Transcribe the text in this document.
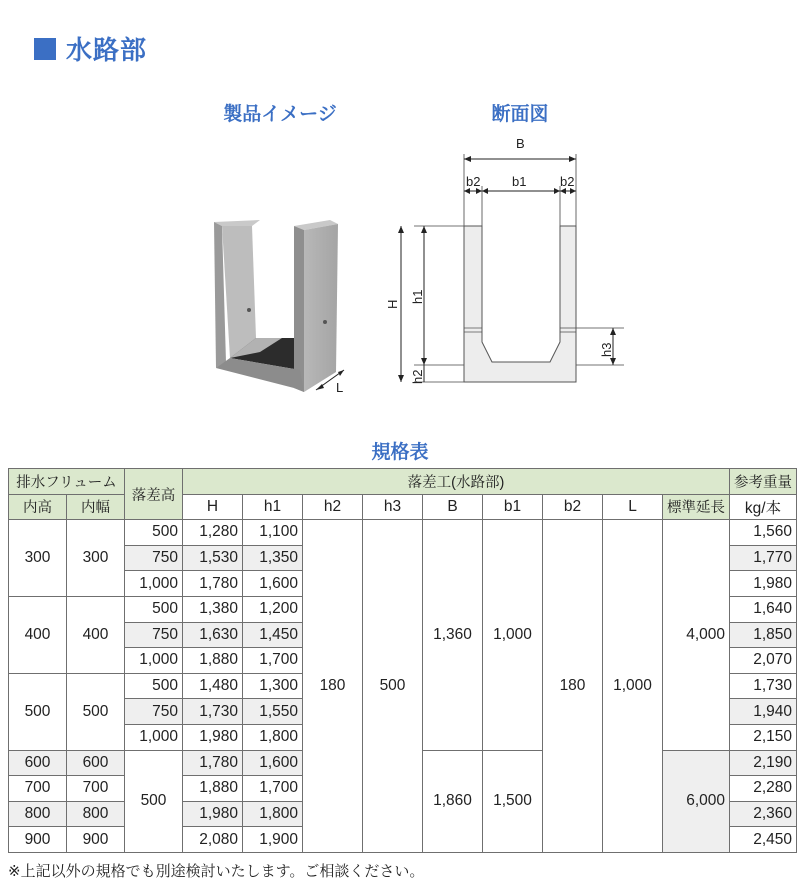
水路部
製品イメージ	断面図
規格表
L
B
b2 b1	b2
H
h1
h2
h3
排水フリューム		落差高	落差工(水路部)									参考重量
内高	内幅		H	h1	h2	h3	B	b1	b2	L	標準延長	kg/本
300	300	500	1,280	1,100	180	500	1,360	1,000	180	1,000	4,000	1,560
		750	1,530	1,350								1,770
		1,000	1,780	1,600								1,980
400	400	500	1,380	1,200								1,640
		750	1,630	1,450								1,850
		1,000	1,880	1,700								2,070
500	500	500	1,480	1,300								1,730
		750	1,730	1,550								1,940
		1,000	1,980	1,800								2,150
600	600	500	1,780	1,600			1,860	1,500			6,000	2,190
700	700		1,880	1,700								2,280
800	800		1,980	1,800								2,360
900	900		2,080	1,900								2,450
※上記以外の規格でも別途検討いたします。ご相談ください。
